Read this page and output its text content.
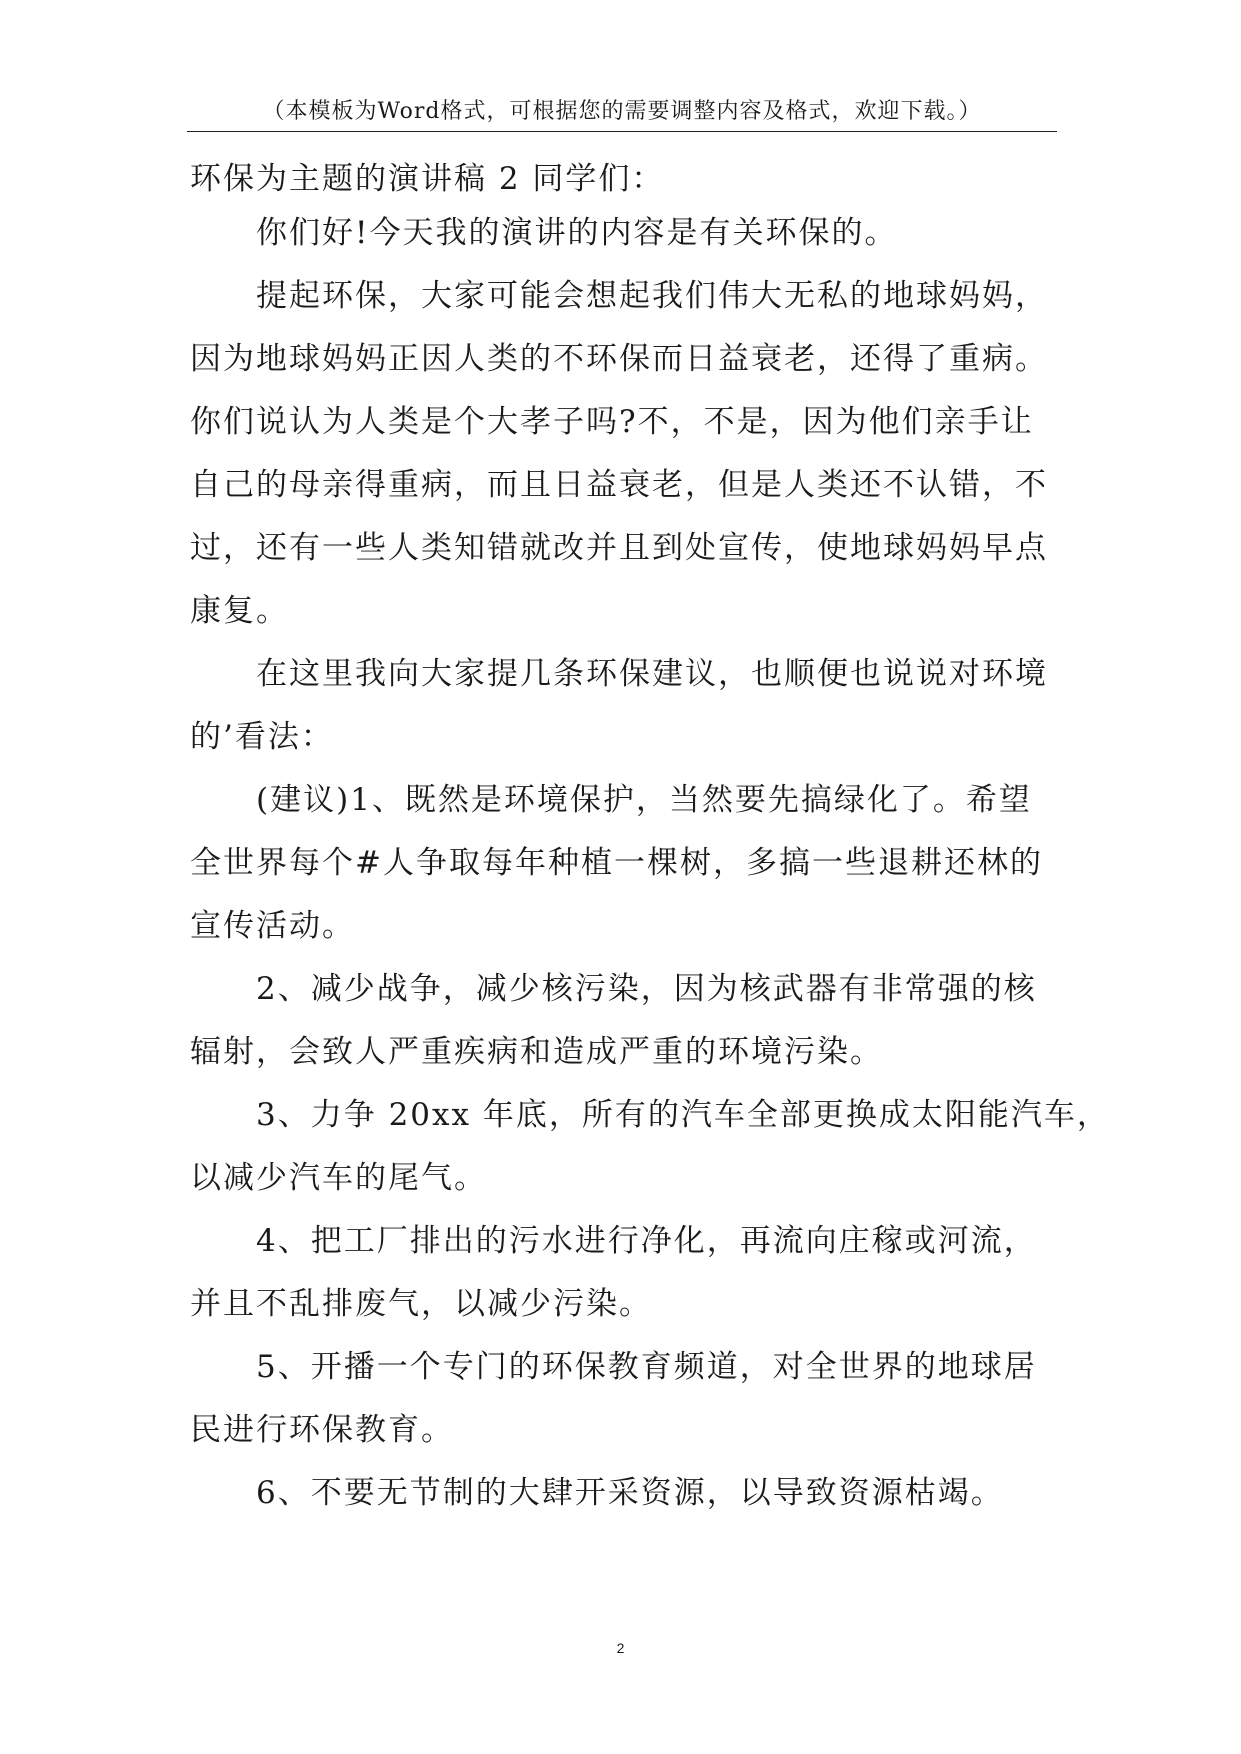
（本模板为Word格式，可根据您的需要调整内容及格式，欢迎下载。）
环保为主题的演讲稿 2 同学们：
　　你们好!今天我的演讲的内容是有关环保的。
　　提起环保，大家可能会想起我们伟大无私的地球妈妈，
因为地球妈妈正因人类的不环保而日益衰老，还得了重病。
你们说认为人类是个大孝子吗?不，不是，因为他们亲手让
自己的母亲得重病，而且日益衰老，但是人类还不认错，不
过，还有一些人类知错就改并且到处宣传，使地球妈妈早点
康复。
　　在这里我向大家提几条环保建议，也顺便也说说对环境
的’看法：
　　(建议)1、既然是环境保护，当然要先搞绿化了。希望
全世界每个#人争取每年种植一棵树，多搞一些退耕还林的
宣传活动。
　　2、减少战争，减少核污染，因为核武器有非常强的核
辐射，会致人严重疾病和造成严重的环境污染。
　　3、力争 20xx 年底，所有的汽车全部更换成太阳能汽车，
以减少汽车的尾气。
　　4、把工厂排出的污水进行净化，再流向庄稼或河流，
并且不乱排废气，以减少污染。
　　5、开播一个专门的环保教育频道，对全世界的地球居
民进行环保教育。
　　6、不要无节制的大肆开采资源，以导致资源枯竭。
2
